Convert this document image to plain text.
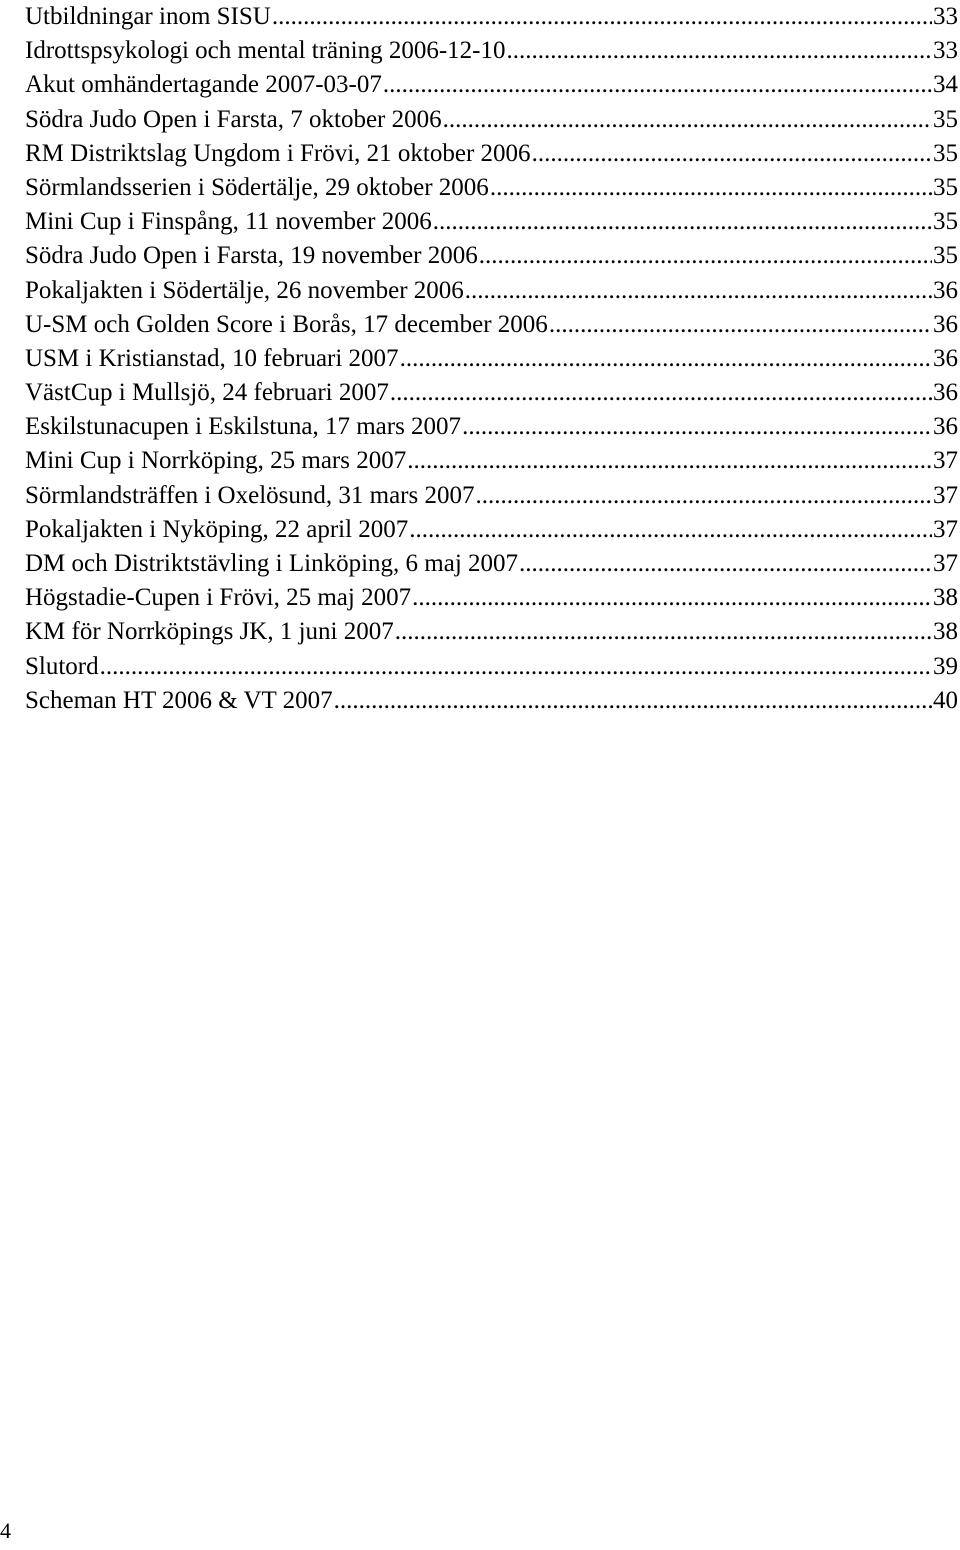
Utbildningar inom SISU .....	33
Idrottspsykologi och mental träning 2006-12-10 .....	33
Akut omhändertagande 2007-03-07 .....	34
Södra Judo Open i Farsta, 7 oktober 2006 .....	35
RM Distriktslag Ungdom i Frövi, 21 oktober 2006 .....	35
Sörmlandsserien i Södertälje, 29 oktober 2006 .....	35
Mini Cup i Finspång, 11 november 2006 .....	35
Södra Judo Open i Farsta, 19 november 2006 .....	35
Pokaljakten i Södertälje, 26 november 2006 .....	36
U-SM och Golden Score i Borås, 17 december 2006 .....	36
USM i Kristianstad, 10 februari 2007 .....	36
VästCup i Mullsjö, 24 februari 2007 .....	36
Eskilstunacupen i Eskilstuna, 17 mars 2007 .....	36
Mini Cup i Norrköping, 25 mars 2007 .....	37
Sörmlandsträffen i Oxelösund, 31 mars 2007 .....	37
Pokaljakten i Nyköping, 22 april 2007 .....	37
DM och Distriktstävling i Linköping, 6 maj 2007 .....	37
Högstadie-Cupen i Frövi, 25 maj 2007 .....	38
KM för Norrköpings JK, 1 juni 2007 .....	38
Slutord .....	39
Scheman HT 2006 & VT 2007 .....	40
4
